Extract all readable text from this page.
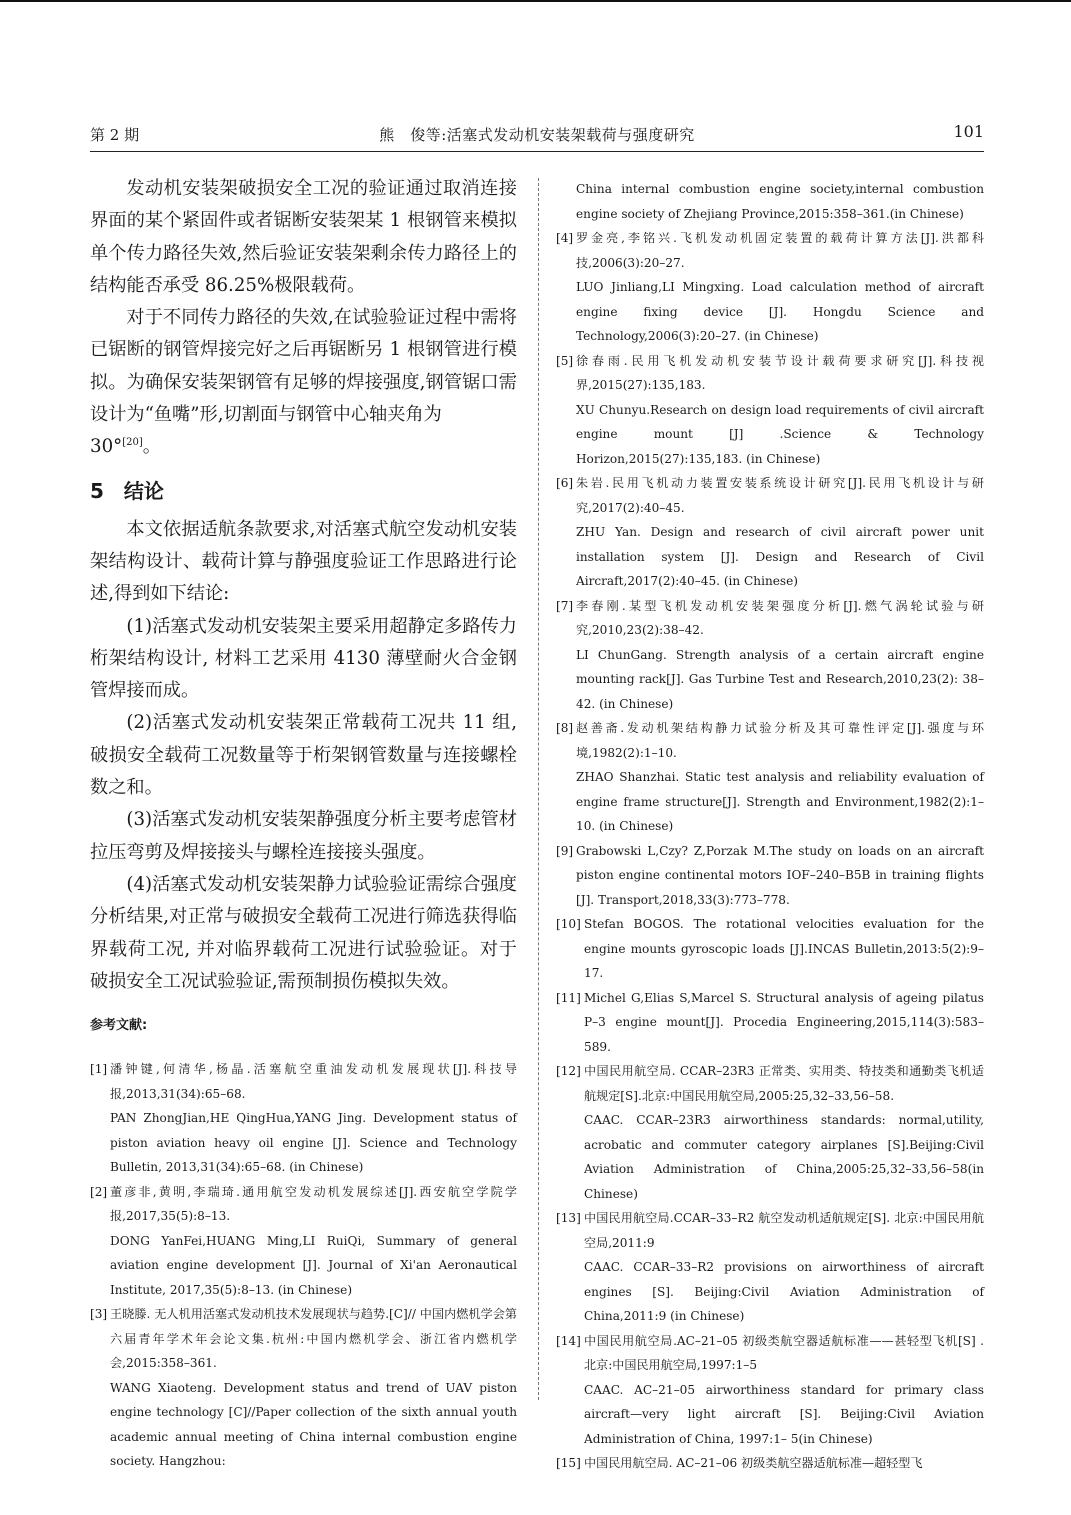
第 2 期	熊　俊等:活塞式发动机安装架载荷与强度研究	101

发动机安装架破损安全工况的验证通过取消连接界面的某个紧固件或者锯断安装架某 1 根钢管来模拟单个传力路径失效,然后验证安装架剩余传力路径上的结构能否承受 86.25%极限载荷。

对于不同传力路径的失效,在试验验证过程中需将已锯断的钢管焊接完好之后再锯断另 1 根钢管进行模拟。为确保安装架钢管有足够的焊接强度,钢管锯口需设计为“鱼嘴”形,切割面与钢管中心轴夹角为

30°[20]。

5 结论

本文依据适航条款要求,对活塞式航空发动机安装架结构设计、载荷计算与静强度验证工作思路进行论述,得到如下结论:

(1)活塞式发动机安装架主要采用超静定多路传力桁架结构设计, 材料工艺采用 4130 薄壁耐火合金钢管焊接而成。

(2)活塞式发动机安装架正常载荷工况共 11 组,破损安全载荷工况数量等于桁架钢管数量与连接螺栓数之和。

(3)活塞式发动机安装架静强度分析主要考虑管材拉压弯剪及焊接接头与螺栓连接接头强度。

(4)活塞式发动机安装架静力试验验证需综合强度分析结果,对正常与破损安全载荷工况进行筛选获得临界载荷工况, 并对临界载荷工况进行试验验证。对于破损安全工况试验验证,需预制损伤模拟失效。

参考文献:
[1] 潘钟键,何清华,杨晶.活塞航空重油发动机发展现状[J].科技导报,2013,31(34):65–68.
PAN ZhongJian,HE QingHua,YANG Jing. Development status of piston aviation heavy oil engine [J]. Science and Technology Bulletin, 2013,31(34):65–68. (in Chinese)
[2] 董彦非,黄明,李瑞琦.通用航空发动机发展综述[J].西安航空学院学报,2017,35(5):8–13.
DONG YanFei,HUANG Ming,LI RuiQi, Summary of general aviation engine development [J]. Journal of Xi'an Aeronautical Institute, 2017,35(5):8–13. (in Chinese)
[3] 王晓滕. 无人机用活塞式发动机技术发展现状与趋势.[C]// 中国内燃机学会第六届青年学术年会论文集.杭州:中国内燃机学会、浙江省内燃机学会,2015:358–361.
WANG Xiaoteng. Development status and trend of UAV piston engine technology [C]//Paper collection of the sixth annual youth academic annual meeting of China internal combustion engine society. Hangzhou:
China internal combustion engine society,internal combustion engine society of Zhejiang Province,2015:358–361.(in Chinese)
[4] 罗金亮,李铭兴.飞机发动机固定装置的载荷计算方法[J].洪都科技,2006(3):20–27.
LUO Jinliang,LI Mingxing. Load calculation method of aircraft engine fixing device [J]. Hongdu Science and Technology,2006(3):20–27. (in Chinese)
[5] 徐春雨.民用飞机发动机安装节设计载荷要求研究[J].科技视界,2015(27):135,183.
XU Chunyu.Research on design load requirements of civil aircraft engine mount [J] .Science & Technology Horizon,2015(27):135,183. (in Chinese)
[6] 朱岩.民用飞机动力装置安装系统设计研究[J].民用飞机设计与研究,2017(2):40–45.
ZHU Yan. Design and research of civil aircraft power unit installation system [J]. Design and Research of Civil Aircraft,2017(2):40–45. (in Chinese)
[7] 李春刚.某型飞机发动机安装架强度分析[J].燃气涡轮试验与研究,2010,23(2):38–42.
LI ChunGang. Strength analysis of a certain aircraft engine mounting rack[J]. Gas Turbine Test and Research,2010,23(2): 38–42. (in Chinese)
[8] 赵善斋.发动机架结构静力试验分析及其可靠性评定[J].强度与环境,1982(2):1–10.
ZHAO Shanzhai. Static test analysis and reliability evaluation of engine frame structure[J]. Strength and Environment,1982(2):1–10. (in Chinese)
[9] Grabowski L,Czy? Z,Porzak M.The study on loads on an aircraft piston engine continental motors IOF–240–B5B in training flights [J]. Transport,2018,33(3):773–778.
[10] Stefan BOGOS. The rotational velocities evaluation for the engine mounts gyroscopic loads [J].INCAS Bulletin,2013:5(2):9–17.
[11] Michel G,Elias S,Marcel S. Structural analysis of ageing pilatus P–3 engine mount[J]. Procedia Engineering,2015,114(3):583–589.
[12] 中国民用航空局. CCAR–23R3 正常类、实用类、特技类和通勤类飞机适航规定[S].北京:中国民用航空局,2005:25,32–33,56–58.
CAAC. CCAR–23R3 airworthiness standards: normal,utility, acrobatic and commuter category airplanes [S].Beijing:Civil Aviation Administration of China,2005:25,32–33,56–58(in Chinese)
[13] 中国民用航空局.CCAR–33–R2 航空发动机适航规定[S]. 北京:中国民用航空局,2011:9
CAAC. CCAR–33–R2 provisions on airworthiness of aircraft engines [S]. Beijing:Civil Aviation Administration of China,2011:9 (in Chinese)
[14] 中国民用航空局.AC–21–05 初级类航空器适航标准——甚轻型飞机[S] . 北京:中国民用航空局,1997:1–5
CAAC. AC–21–05 airworthiness standard for primary class aircraft—very light aircraft [S]. Beijing:Civil Aviation Administration of China, 1997:1– 5(in Chinese)
[15] 中国民用航空局. AC–21–06 初级类航空器适航标准—超轻型飞
